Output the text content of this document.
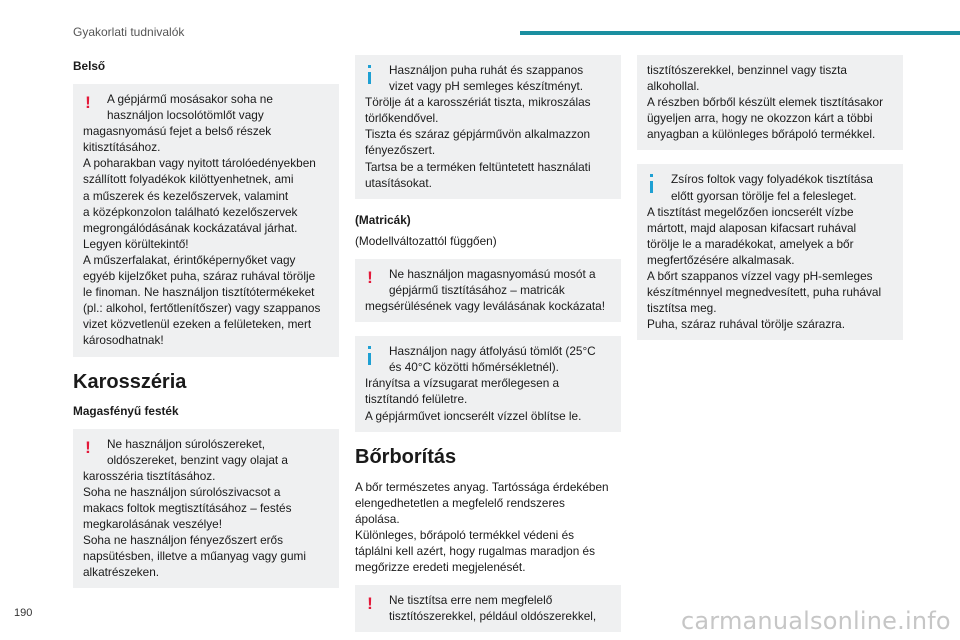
Gyakorlati tudnivalók
Belső
!	A gépjármű mosásakor soha ne

használjon locsolótömlőt vagy

magasnyomású fejet a belső részek

kitisztításához.

A poharakban vagy nyitott tárolóedényekben

szállított folyadékok kilöttyenhetnek, ami

a műszerek és kezelőszervek, valamint

a középkonzolon található kezelőszervek

megrongálódásának kockázatával járhat.

Legyen körültekintő!

A műszerfalakat, érintőképernyőket vagy

egyéb kijelzőket puha, száraz ruhával törölje

le finoman. Ne használjon tisztítótermékeket

(pl.: alkohol, fertőtlenítőszer) vagy szappanos

vizet közvetlenül ezeken a felületeken, mert

károsodhatnak!

Karosszéria
Magasfényű festék
!	Ne használjon súrolószereket,

oldószereket, benzint vagy olajat a

karosszéria tisztításához.

Soha ne használjon súrolószivacsot a

makacs foltok megtisztításához – festés

megkarolásának veszélye!

Soha ne használjon fényezőszert erős

napsütésben, illetve a műanyag vagy gumi

alkatrészeken.

Használjon puha ruhát és szappanos

vizet vagy pH semleges készítményt.

Törölje át a karosszériát tiszta, mikroszálas

törlőkendővel.

Tiszta és száraz gépjárművön alkalmazzon

fényezőszert.

Tartsa be a terméken feltüntetett használati

utasításokat.

(Matricák)
(Modellváltozattól függően)
!	Ne használjon magasnyomású mosót a

gépjármű tisztításához – matricák

megsérülésének vagy leválásának kockázata!

Használjon nagy átfolyású tömlőt (25°C

és 40°C közötti hőmérsékletnél).

Irányítsa a vízsugarat merőlegesen a

tisztítandó felületre.

A gépjárművet ioncserélt vízzel öblítse le.

Bőrborítás

A bőr természetes anyag. Tartóssága érdekében

elengedhetetlen a megfelelő rendszeres

ápolása.

Különleges, bőrápoló termékkel védeni és

táplálni kell azért, hogy rugalmas maradjon és

megőrizze eredeti megjelenését.

!	Ne tisztítsa erre nem megfelelő

tisztítószerekkel, például oldószerekkel,

tisztítószerekkel, benzinnel vagy tiszta

alkohollal.

A részben bőrből készült elemek tisztításakor

ügyeljen arra, hogy ne okozzon kárt a többi

anyagban a különleges bőrápoló termékkel.

Zsíros foltok vagy folyadékok tisztítása

előtt gyorsan törölje fel a felesleget.

A tisztítást megelőzően ioncserélt vízbe

mártott, majd alaposan kifacsart ruhával

törölje le a maradékokat, amelyek a bőr

megfertőzésére alkalmasak.

A bőrt szappanos vízzel vagy pH-semleges

készítménnyel megnedvesített, puha ruhával

tisztítsa meg.

Puha, száraz ruhával törölje szárazra.

190	carmanualsonline.info
